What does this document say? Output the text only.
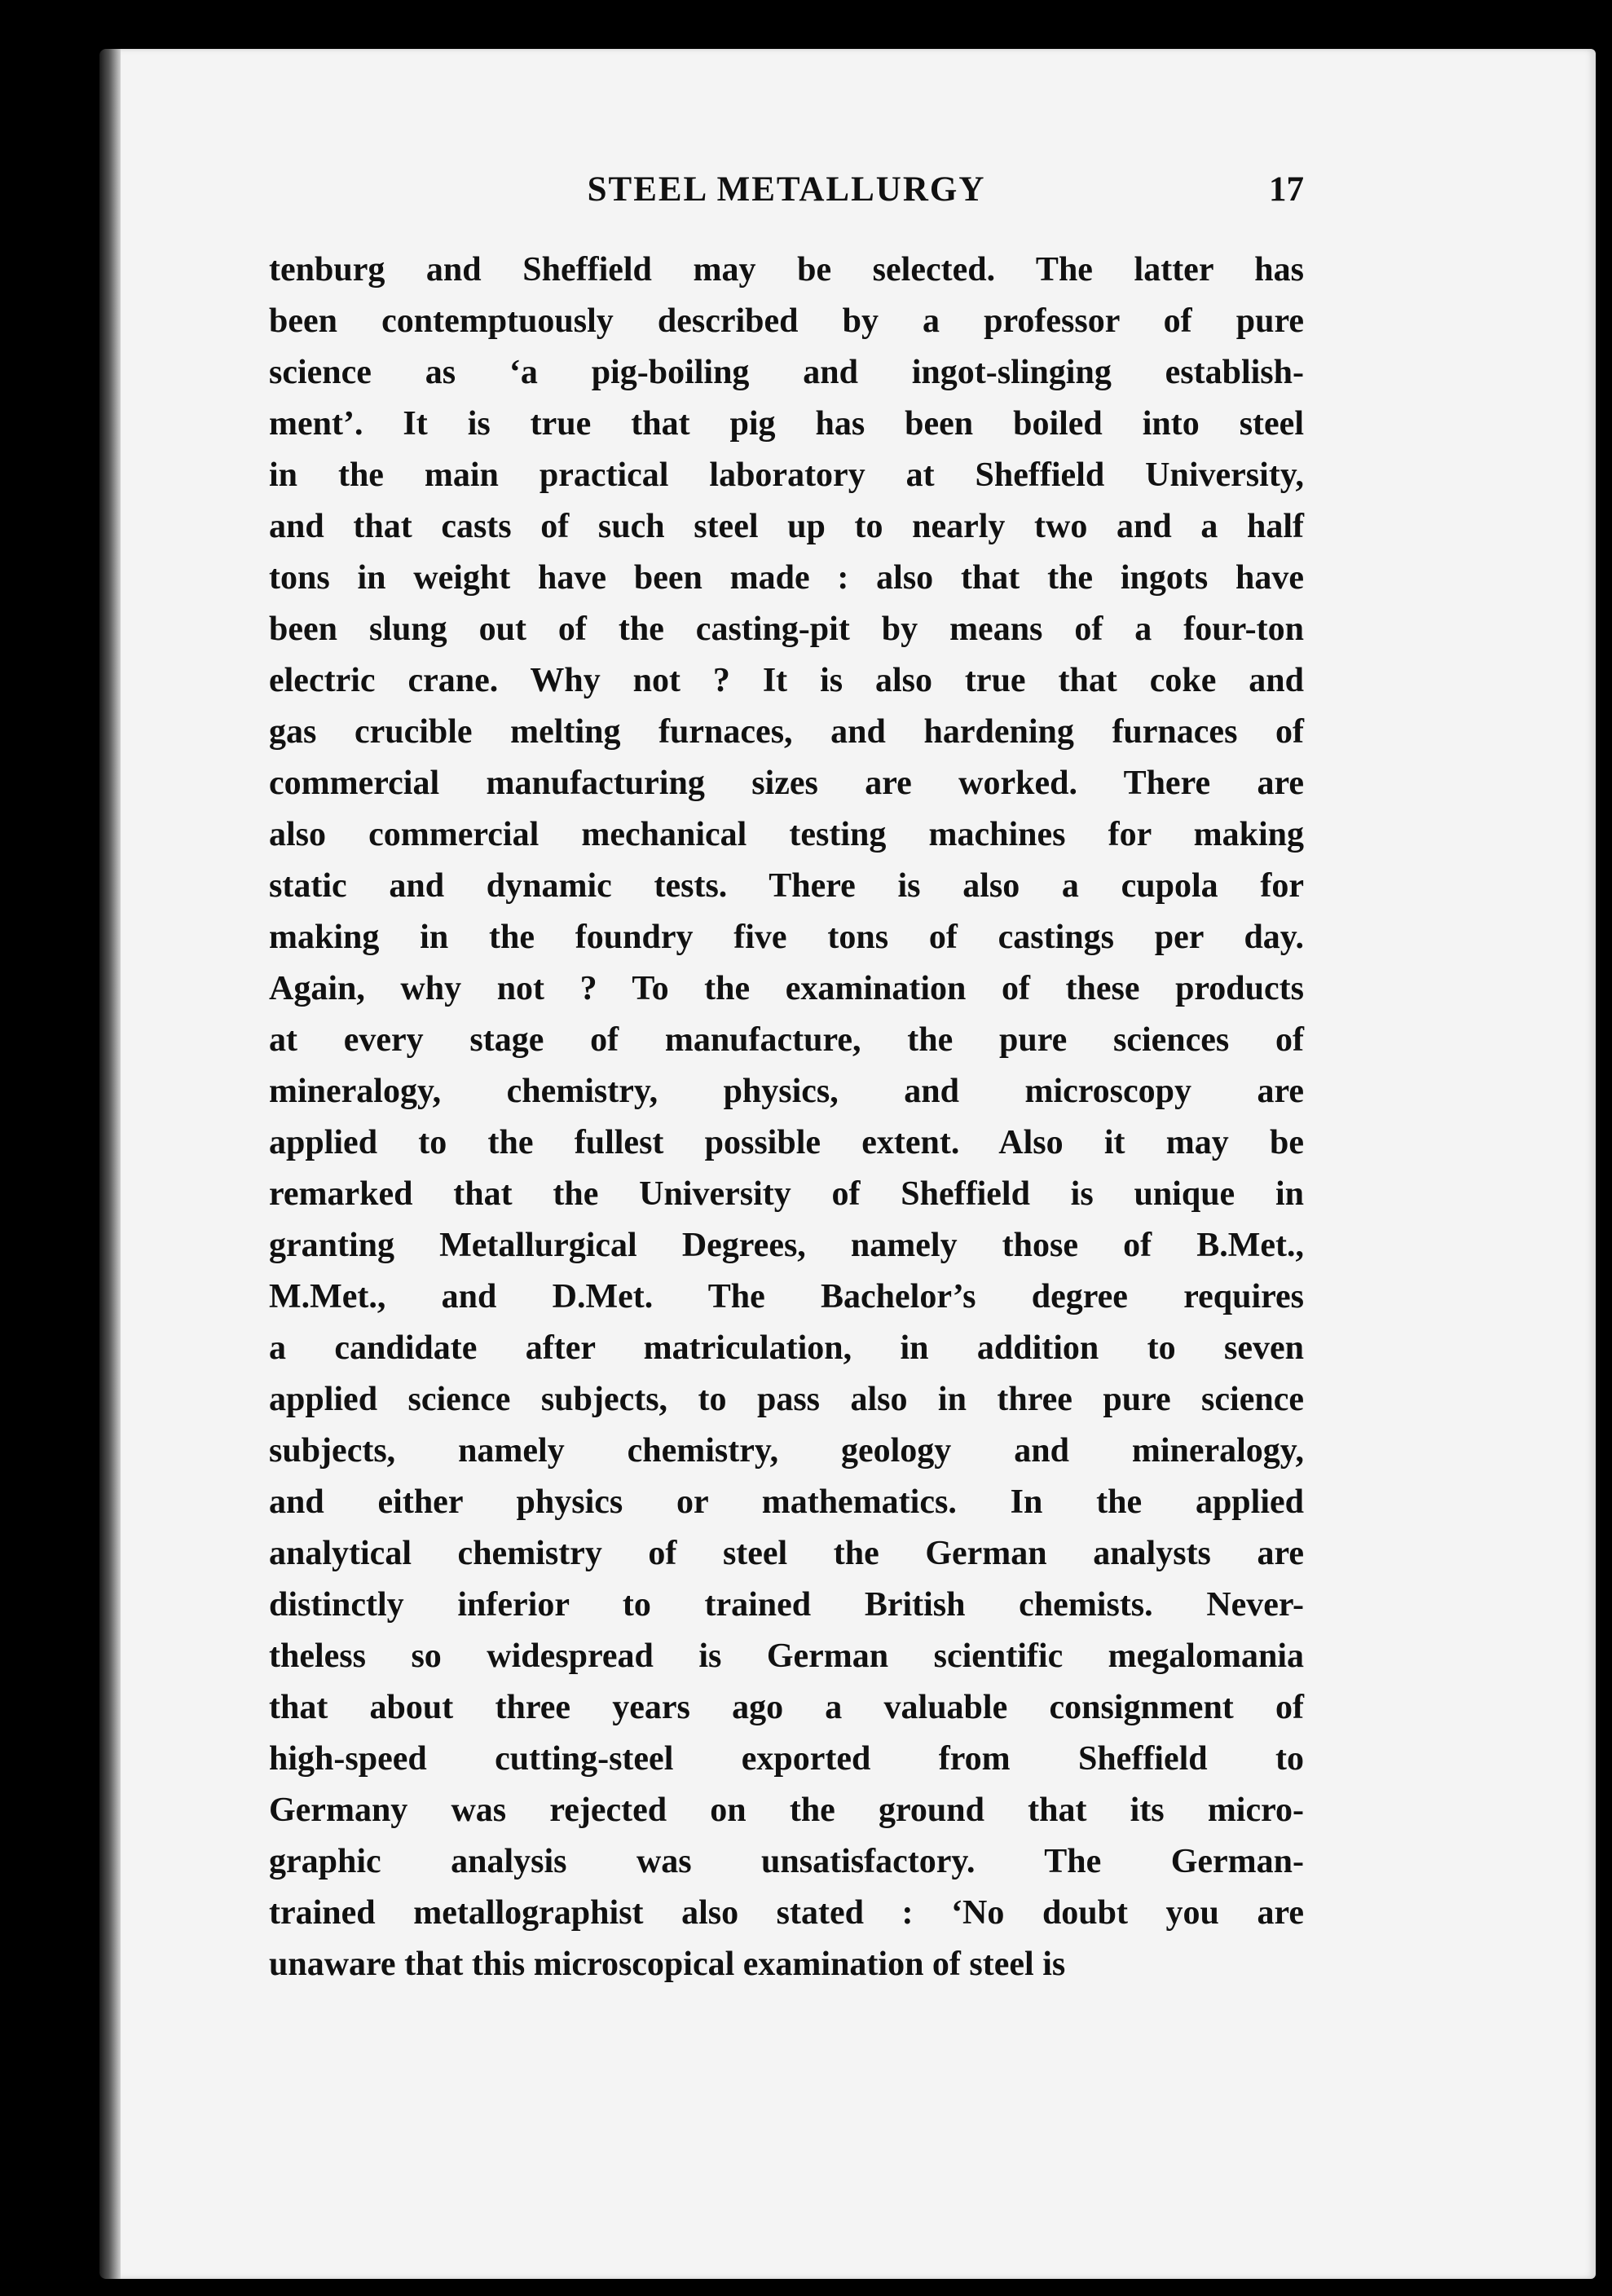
STEEL METALLURGY	17
tenburg and Sheffield may be selected. The latter has
been contemptuously described by a professor of pure
science as ‘a pig-boiling and ingot-slinging establish-
ment’. It is true that pig has been boiled into steel
in the main practical laboratory at Sheffield University,
and that casts of such steel up to nearly two and a half
tons in weight have been made : also that the ingots have
been slung out of the casting-pit by means of a four-ton
electric crane. Why not ? It is also true that coke and
gas crucible melting furnaces, and hardening furnaces of
commercial manufacturing sizes are worked. There are
also commercial mechanical testing machines for making
static and dynamic tests. There is also a cupola for
making in the foundry five tons of castings per day.
Again, why not ? To the examination of these products
at every stage of manufacture, the pure sciences of
mineralogy, chemistry, physics, and microscopy are
applied to the fullest possible extent. Also it may be
remarked that the University of Sheffield is unique in
granting Metallurgical Degrees, namely those of B.Met.,
M.Met., and D.Met. The Bachelor’s degree requires
a candidate after matriculation, in addition to seven
applied science subjects, to pass also in three pure science
subjects, namely chemistry, geology and mineralogy,
and either physics or mathematics. In the applied
analytical chemistry of steel the German analysts are
distinctly inferior to trained British chemists. Never-
theless so widespread is German scientific megalomania
that about three years ago a valuable consignment of
high-speed cutting-steel exported from Sheffield to
Germany was rejected on the ground that its micro-
graphic analysis was unsatisfactory. The German-
trained metallographist also stated : ‘No doubt you are
unaware that this microscopical examination of steel is
